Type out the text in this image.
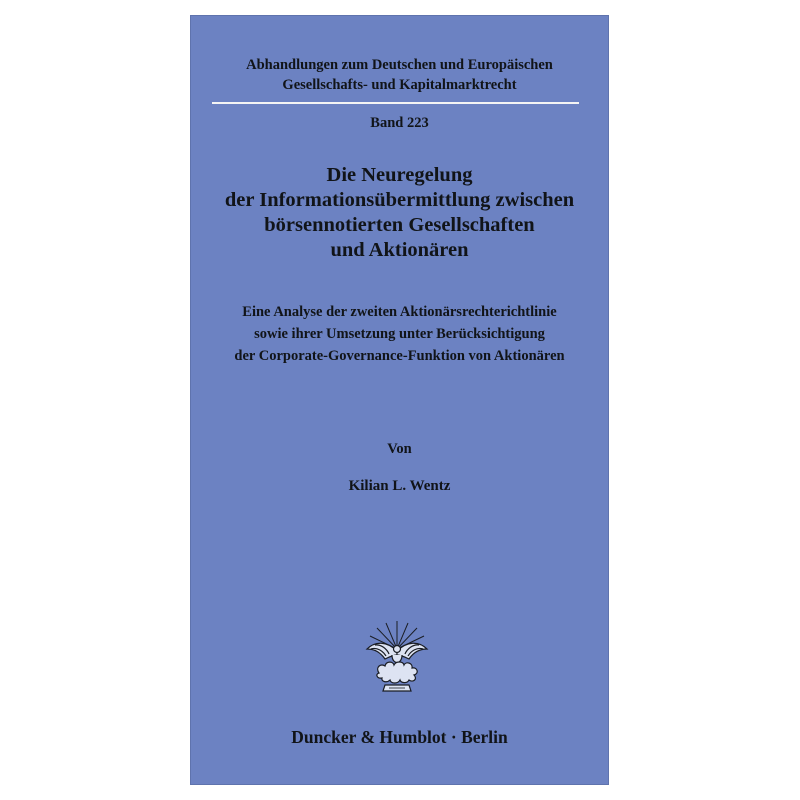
Abhandlungen zum Deutschen und Europäischen
Gesellschafts- und Kapitalmarktrecht
Band 223
Die Neuregelung
der Informationsübermittlung zwischen
börsennotierten Gesellschaften
und Aktionären
Eine Analyse der zweiten Aktionärsrechterichtlinie
sowie ihrer Umsetzung unter Berücksichtigung
der Corporate-Governance-Funktion von Aktionären
Von
Kilian L. Wentz
Duncker & Humblot · Berlin
